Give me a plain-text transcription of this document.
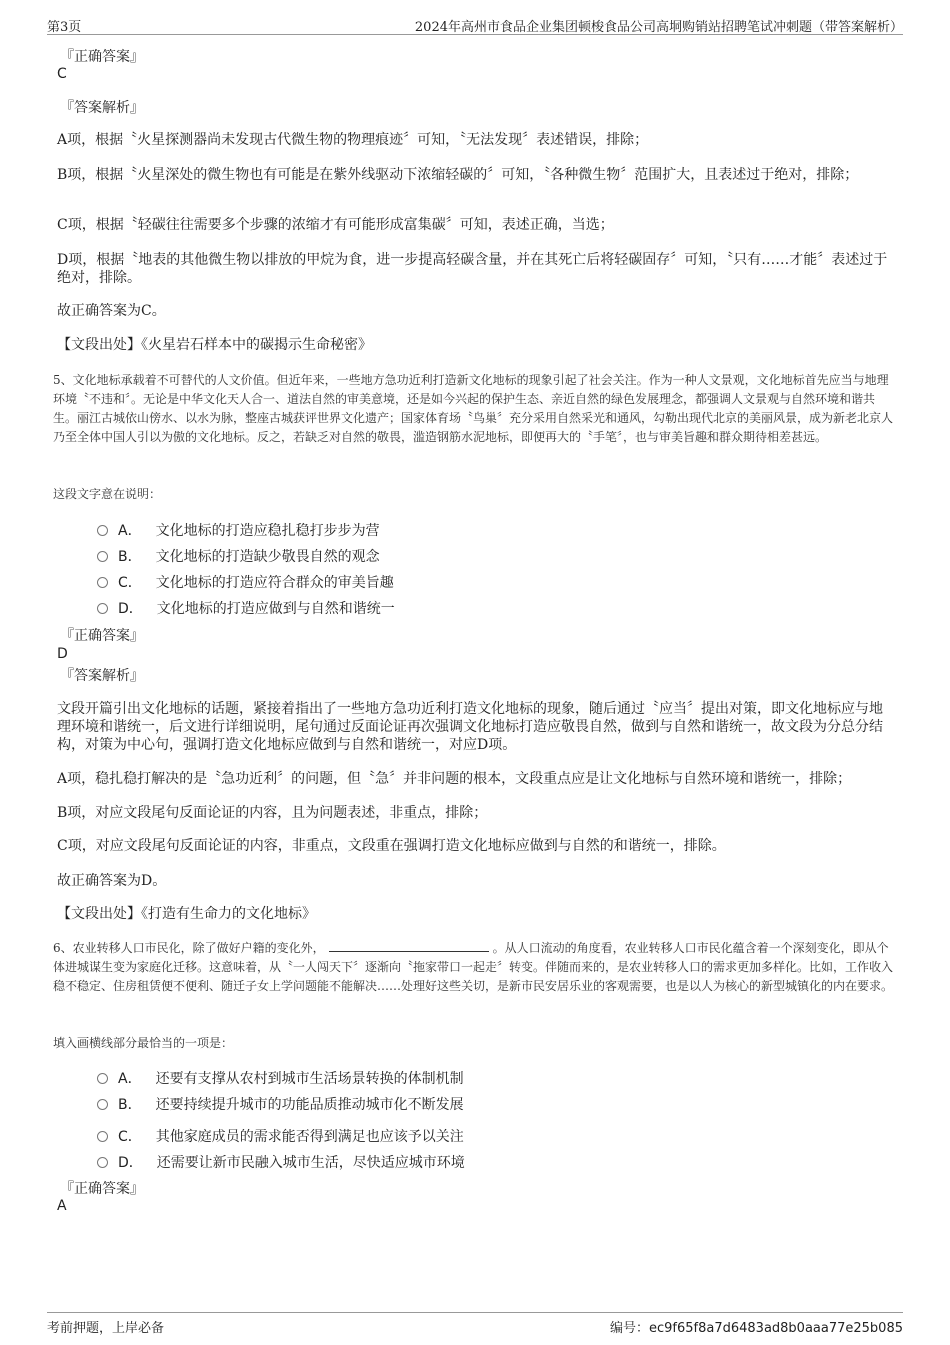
第3页	2024年高州市食品企业集团顿梭食品公司高垌购销站招聘笔试冲刺题（带答案解析）
『正确答案』
C
『答案解析』
A项，根据〝火星探测器尚未发现古代微生物的物理痕迹〞可知，〝无法发现〞表述错误，排除；
B项，根据〝火星深处的微生物也有可能是在紫外线驱动下浓缩轻碳的〞可知，〝各种微生物〞范围扩大，且表述过于绝对，排除；
C项，根据〝轻碳往往需要多个步骤的浓缩才有可能形成富集碳〞可知，表述正确，当选；
D项，根据〝地表的其他微生物以排放的甲烷为食，进一步提高轻碳含量，并在其死亡后将轻碳固存〞可知，〝只有……才能〞表述过于绝对，排除。
故正确答案为C。
【文段出处】《火星岩石样本中的碳揭示生命秘密》
5、文化地标承载着不可替代的人文价值。但近年来，一些地方急功近利打造新文化地标的现象引起了社会关注。作为一种人文景观，文化地标首先应当与地理环境〝不违和〞。无论是中华文化天人合一、道法自然的审美意境，还是如今兴起的保护生态、亲近自然的绿色发展理念，都强调人文景观与自然环境和谐共生。丽江古城依山傍水、以水为脉，整座古城获评世界文化遗产；国家体育场〝鸟巢〞充分采用自然采光和通风，勾勒出现代北京的美丽风景，成为新老北京人乃至全体中国人引以为傲的文化地标。反之，若缺乏对自然的敬畏，滥造钢筋水泥地标，即便再大的〝手笔〞，也与审美旨趣和群众期待相差甚远。
这段文字意在说明：
A． 文化地标的打造应稳扎稳打步步为营
B． 文化地标的打造缺少敬畏自然的观念
C． 文化地标的打造应符合群众的审美旨趣
D． 文化地标的打造应做到与自然和谐统一
『正确答案』
D
『答案解析』
文段开篇引出文化地标的话题，紧接着指出了一些地方急功近利打造文化地标的现象，随后通过〝应当〞提出对策，即文化地标应与地理环境和谐统一，后文进行详细说明，尾句通过反面论证再次强调文化地标打造应敬畏自然，做到与自然和谐统一，故文段为分总分结构，对策为中心句，强调打造文化地标应做到与自然和谐统一，对应D项。
A项，稳扎稳打解决的是〝急功近利〞的问题，但〝急〞并非问题的根本，文段重点应是让文化地标与自然环境和谐统一，排除；
B项，对应文段尾句反面论证的内容，且为问题表述，非重点，排除；
C项，对应文段尾句反面论证的内容，非重点，文段重在强调打造文化地标应做到与自然的和谐统一，排除。
故正确答案为D。
【文段出处】《打造有生命力的文化地标》
6、农业转移人口市民化，除了做好户籍的变化外，	。从人口流动的角度看，农业转移人口市民化蕴含着一个深刻变化，即从个体进城谋生变为家庭化迁移。这意味着，从〝一人闯天下〞逐渐向〝拖家带口一起走〞转变。伴随而来的，是农业转移人口的需求更加多样化。比如，工作收入稳不稳定、住房租赁便不便利、随迁子女上学问题能不能解决……处理好这些关切，是新市民安居乐业的客观需要，也是以人为核心的新型城镇化的内在要求。
填入画横线部分最恰当的一项是：
A． 还要有支撑从农村到城市生活场景转换的体制机制
B． 还要持续提升城市的功能品质推动城市化不断发展
C． 其他家庭成员的需求能否得到满足也应该予以关注
D． 还需要让新市民融入城市生活，尽快适应城市环境
『正确答案』
A
考前押题，上岸必备	编号：ec9f65f8a7d6483ad8b0aaa77e25b085
